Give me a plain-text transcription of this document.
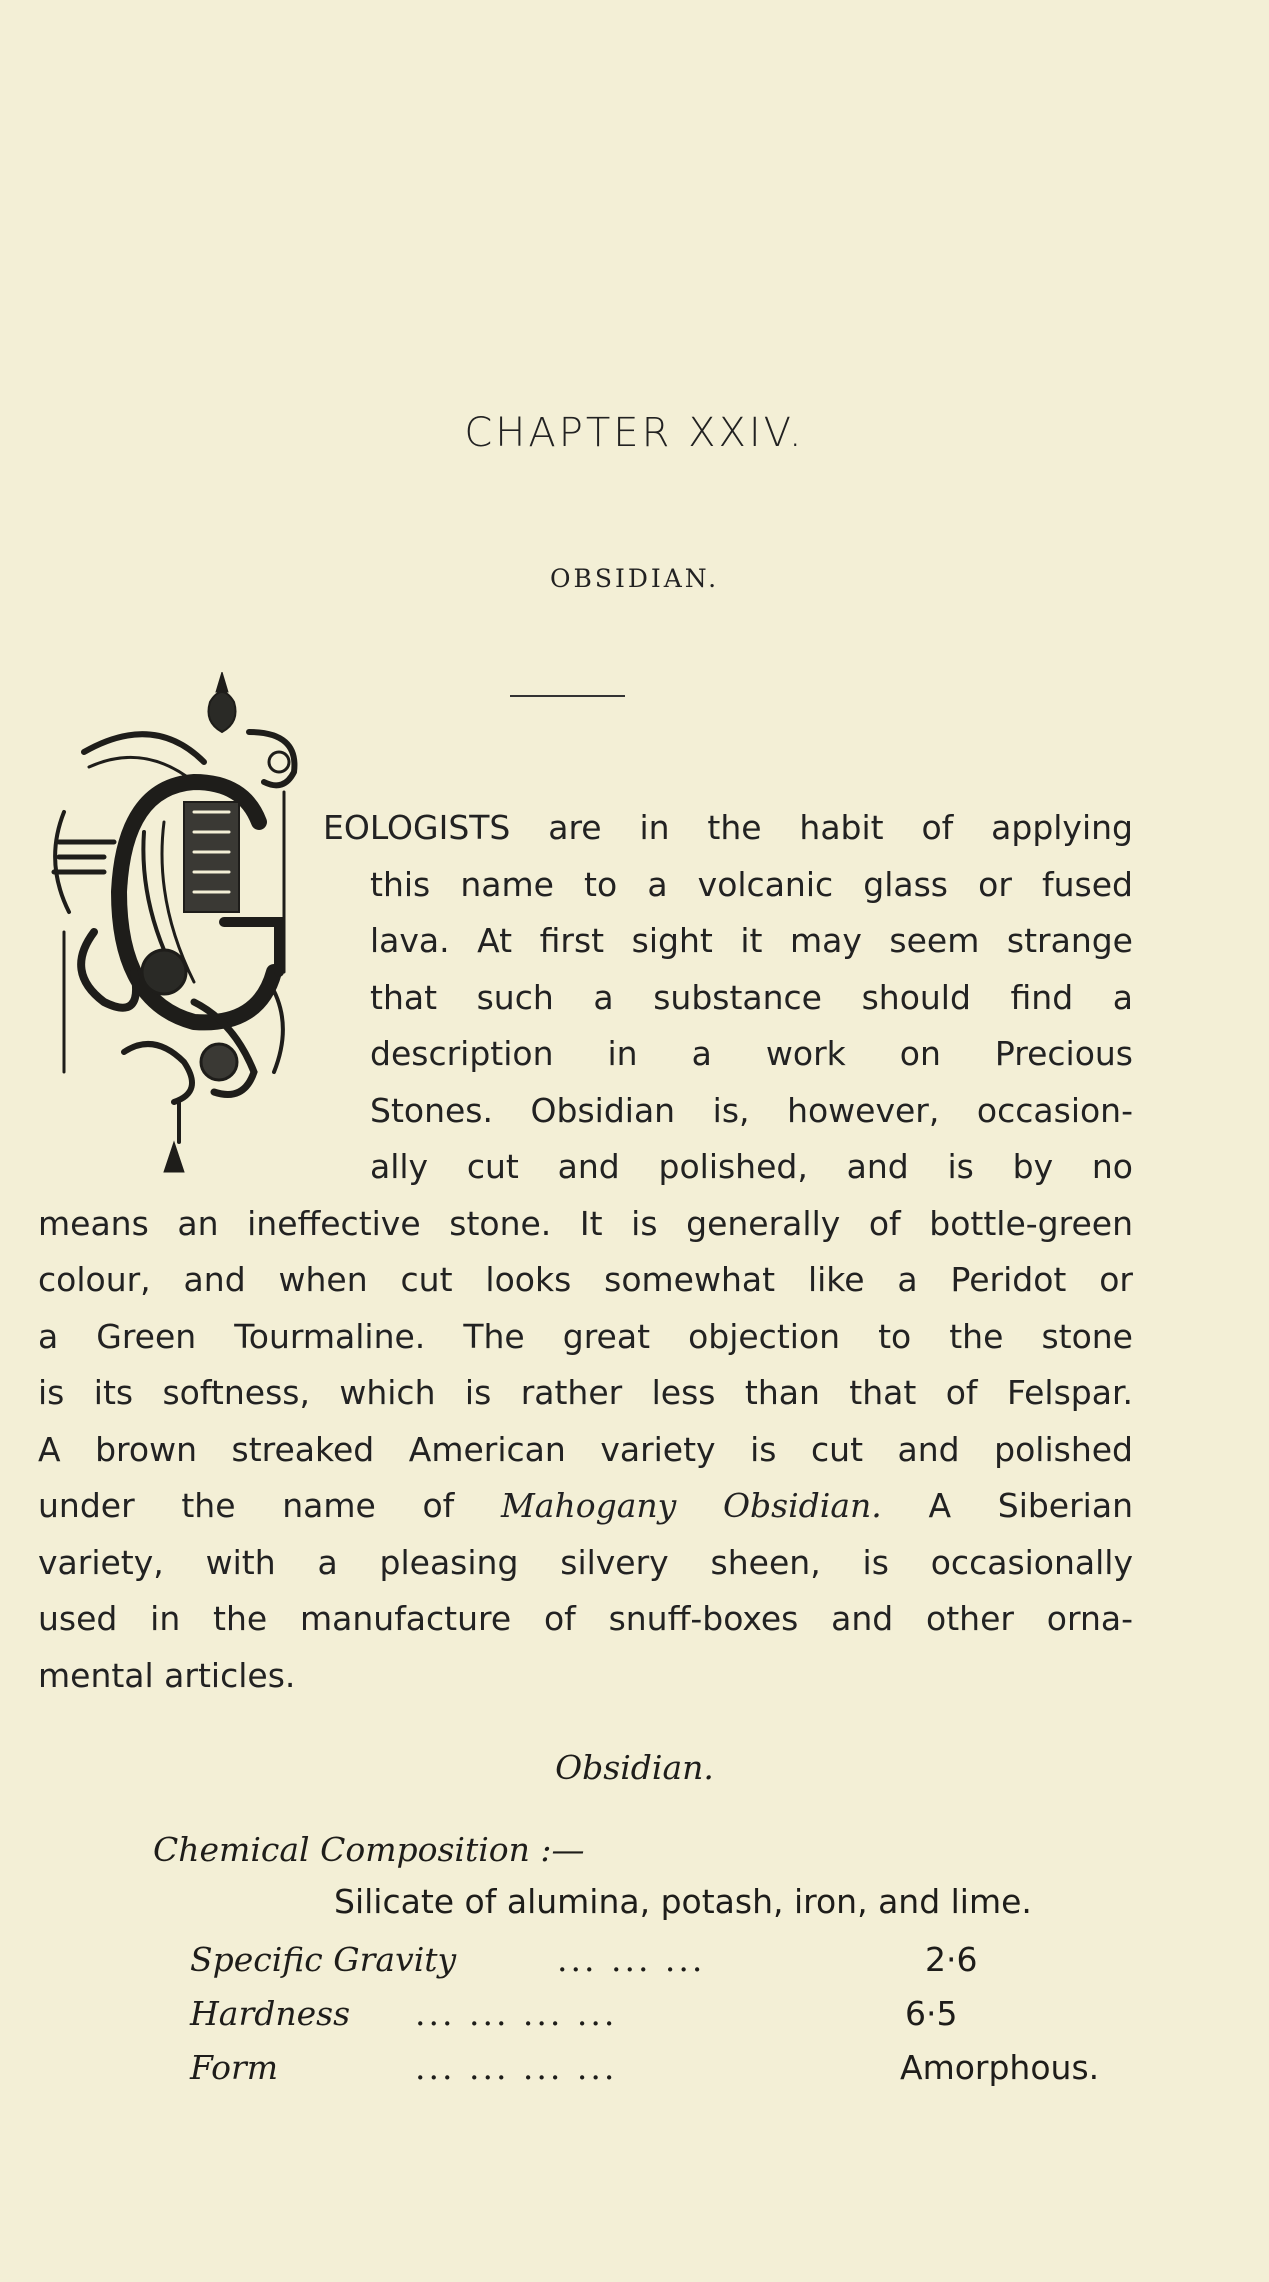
CHAPTER XXIV.
OBSIDIAN.
EOLOGISTS are in the habit of applying
this name to a volcanic glass or fused
lava. At first sight it may seem strange
that such a substance should find a
description in a work on Precious
Stones. Obsidian is, however, occasion-
ally cut and polished, and is by no
means an ineffective stone. It is generally of bottle-green
colour, and when cut looks somewhat like a Peridot or
a Green Tourmaline. The great objection to the stone
is its softness, which is rather less than that of Felspar.
A brown streaked American variety is cut and polished
under the name of Mahogany Obsidian. A Siberian
variety, with a pleasing silvery sheen, is occasionally
used in the manufacture of snuff-boxes and other orna-
mental articles.
Obsidian.
Chemical Composition :—
Silicate of alumina, potash, iron, and lime.
Specific Gravity	... ... ...	2·6
Hardness ... ... ... ...	6·5
Form	... ... ... ...	Amorphous.
